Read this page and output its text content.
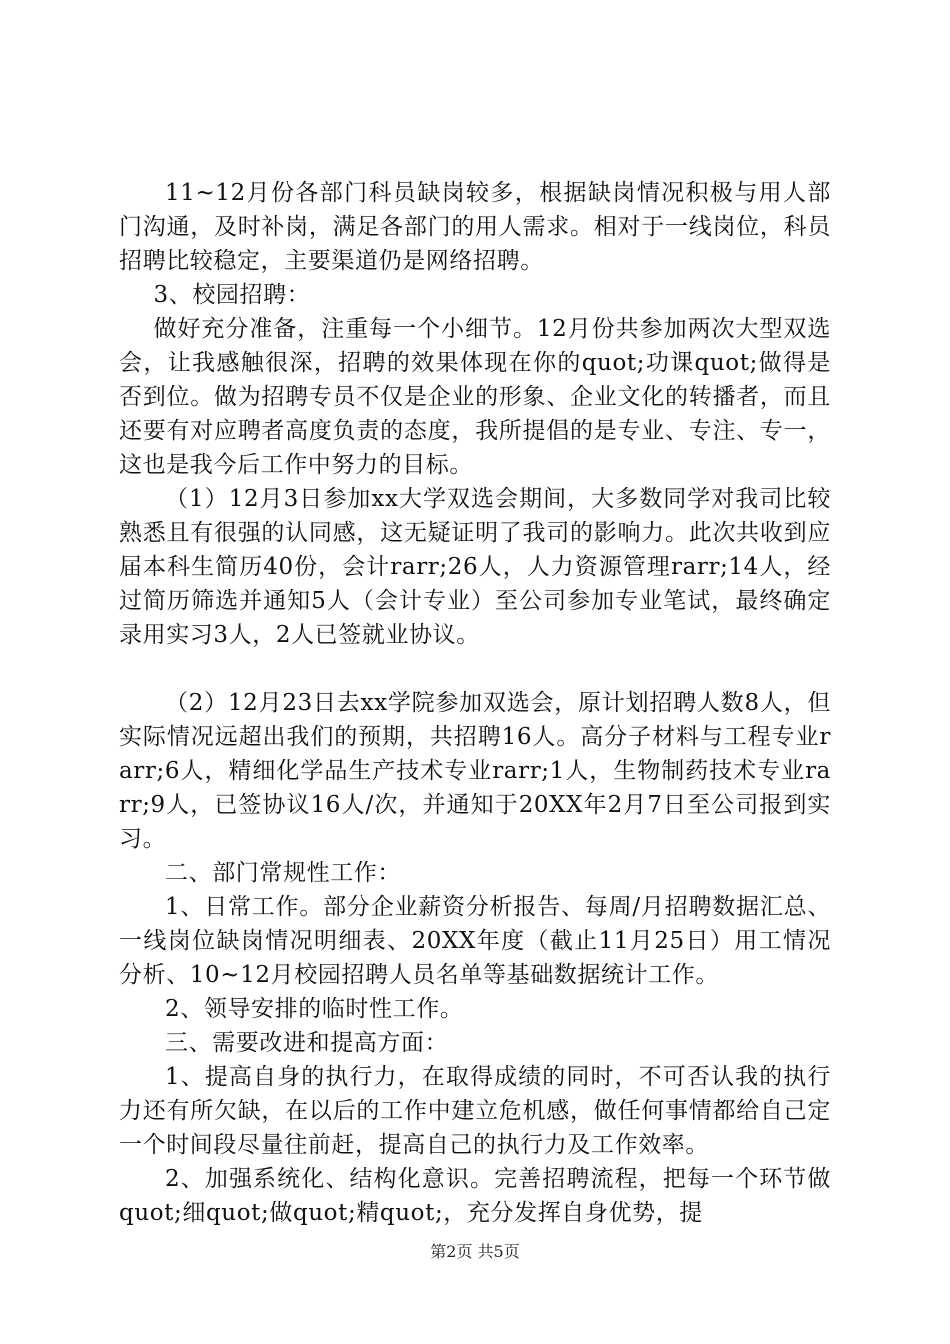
11~12月份各部门科员缺岗较多，根据缺岗情况积极与用人部门沟通，及时补岗，满足各部门的用人需求。相对于一线岗位，科员招聘比较稳定，主要渠道仍是网络招聘。

3、校园招聘：

做好充分准备，注重每一个小细节。12月份共参加两次大型双选会，让我感触很深，招聘的效果体现在你的quot;功课quot;做得是否到位。做为招聘专员不仅是企业的形象、企业文化的转播者，而且还要有对应聘者高度负责的态度，我所提倡的是专业、专注、专一，这也是我今后工作中努力的目标。

（1）12月3日参加xx大学双选会期间，大多数同学对我司比较熟悉且有很强的认同感，这无疑证明了我司的影响力。此次共收到应届本科生简历40份，会计rarr;26人，人力资源管理rarr;14人，经过简历筛选并通知5人（会计专业）至公司参加专业笔试，最终确定录用实习3人，2人已签就业协议。

（2）12月23日去xx学院参加双选会，原计划招聘人数8人，但实际情况远超出我们的预期，共招聘16人。高分子材料与工程专业rarr;6人，精细化学品生产技术专业rarr;1人，生物制药技术专业rarr;9人，已签协议16人/次，并通知于20XX年2月7日至公司报到实习。

二、部门常规性工作：

1、日常工作。部分企业薪资分析报告、每周/月招聘数据汇总、一线岗位缺岗情况明细表、20XX年度（截止11月25日）用工情况分析、10~12月校园招聘人员名单等基础数据统计工作。

2、领导安排的临时性工作。

三、需要改进和提高方面：

1、提高自身的执行力，在取得成绩的同时，不可否认我的执行力还有所欠缺，在以后的工作中建立危机感，做任何事情都给自己定一个时间段尽量往前赶，提高自己的执行力及工作效率。

2、加强系统化、结构化意识。完善招聘流程，把每一个环节做quot;细quot;做quot;精quot;，充分发挥自身优势，提

第2页 共5页
